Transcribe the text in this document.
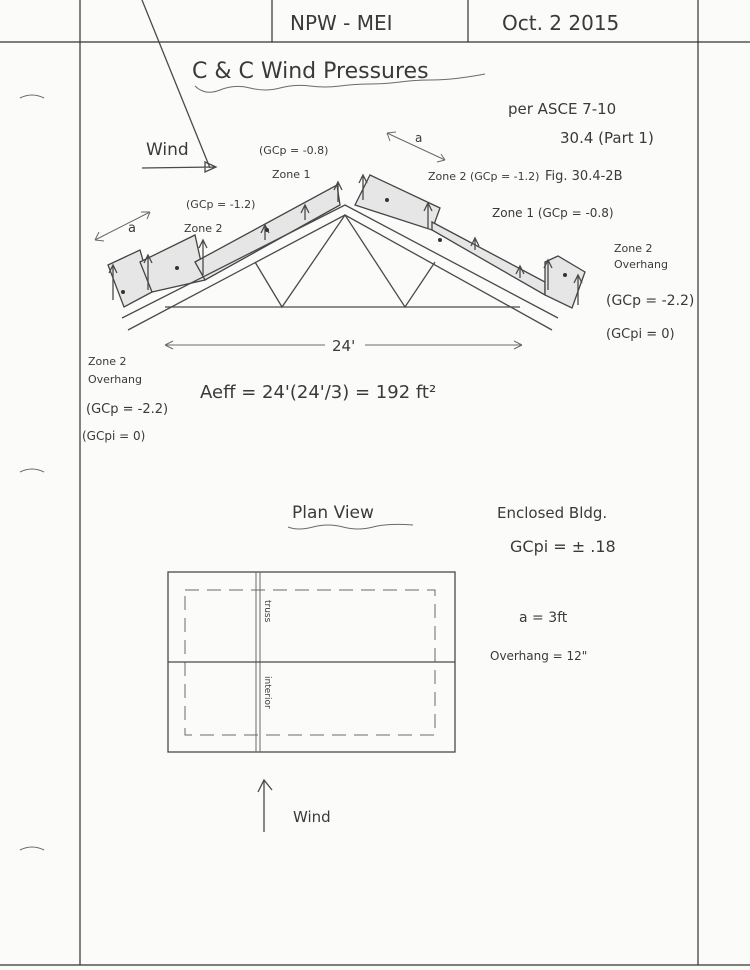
NPW - MEI	Oct. 2 2015
C & C Wind Pressures
per ASCE 7-10
30.4 (Part 1)
Fig. 30.4-2B
Wind
a
a
(GCp = -1.2)
Zone 2
(GCp = -0.8)
Zone 1	Zone 2 (GCp = -1.2)
Zone 1 (GCp = -0.8)
Zone 2
Overhang
(GCp = -2.2)
(GCpi = 0)
Zone 2
Overhang
(GCp = -2.2)
(GCpi = 0)
24'
Aeff = 24'(24'/3) = 192 ft²
Plan View
truss
interior
Wind
Enclosed Bldg.
GCpi = ± .18
a = 3ft
Overhang = 12"
